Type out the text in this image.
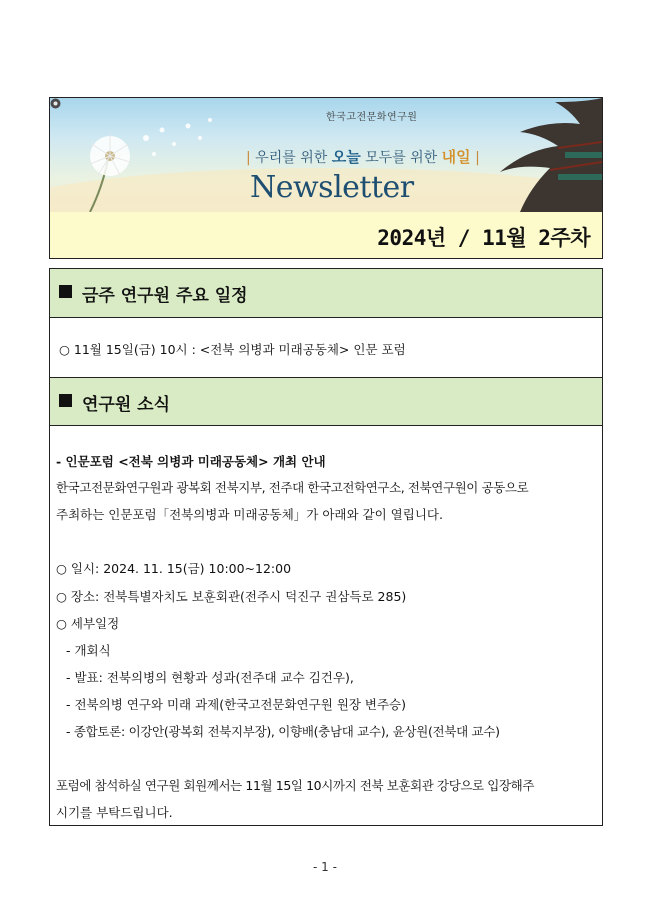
한국고전문화연구원
| 우리를 위한 오늘 모두를 위한 내일 |
Newsletter
2024년 / 11월 2주차
금주 연구원 주요 일정
○ 11월 15일(금) 10시 : <전북 의병과 미래공동체> 인문 포럼
연구원 소식
- 인문포럼 <전북 의병과 미래공동체> 개최 안내
한국고전문화연구원과 광복회 전북지부, 전주대 한국고전학연구소, 전북연구원이 공동으로
주최하는 인문포럼「전북의병과 미래공동체」가 아래와 같이 열립니다.
○ 일시: 2024. 11. 15(금) 10:00~12:00
○ 장소: 전북특별자치도 보훈회관(전주시 덕진구 권삼득로 285)
○ 세부일정
- 개회식
- 발표: 전북의병의 현황과 성과(전주대 교수 김건우),
- 전북의병 연구와 미래 과제(한국고전문화연구원 원장 변주승)
- 종합토론: 이강안(광복회 전북지부장), 이향배(충남대 교수), 윤상원(전북대 교수)
포럼에 참석하실 연구원 회원께서는 11월 15일 10시까지 전북 보훈회관 강당으로 입장해주
시기를 부탁드립니다.
- 1 -
